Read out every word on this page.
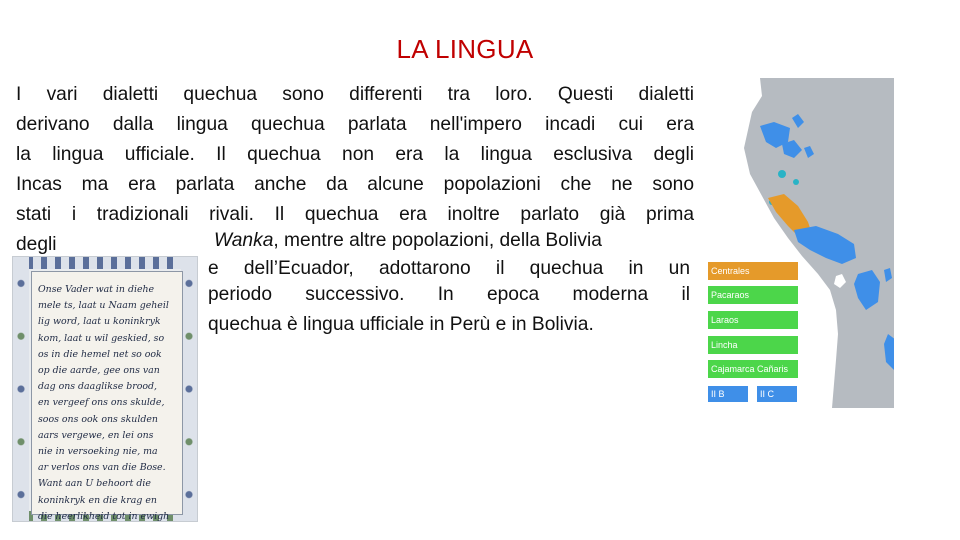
LA LINGUA
I vari dialetti quechua sono differenti tra loro. Questi dialetti
derivano dalla lingua quechua parlata nell'impero incadi cui era
la lingua ufficiale. Il quechua non era la lingua esclusiva degli
Incas ma era parlata anche da alcune popolazioni che ne sono
stati i tradizionali rivali. Il quechua era inoltre parlato già prima
degli	Wanka, mentre altre popolazioni, della Bolivia
e dell’Ecuador, adottarono il quechua in un
periodo successivo. In epoca moderna il
quechua è lingua ufficiale in Perù e in Bolivia.
Onse Vader wat in diehe
mele ts, laat u Naam geheil
lig word, laat u koninkryk
kom, laat u wil geskied, so
os in die hemel net so ook
op die aarde, gee ons van
dag ons daaglikse brood,
en vergeef ons ons skulde,
soos ons ook ons skulden
aars vergewe, en lei ons
nie in versoeking nie, ma
ar verlos ons van die Bose.
Want aan U behoort die
koninkryk en die krag en
die heerlikheid tot in ewigh
Centrales
Pacaraos
Laraos
Lincha
Cajamarca Cañaris
II B	II C
